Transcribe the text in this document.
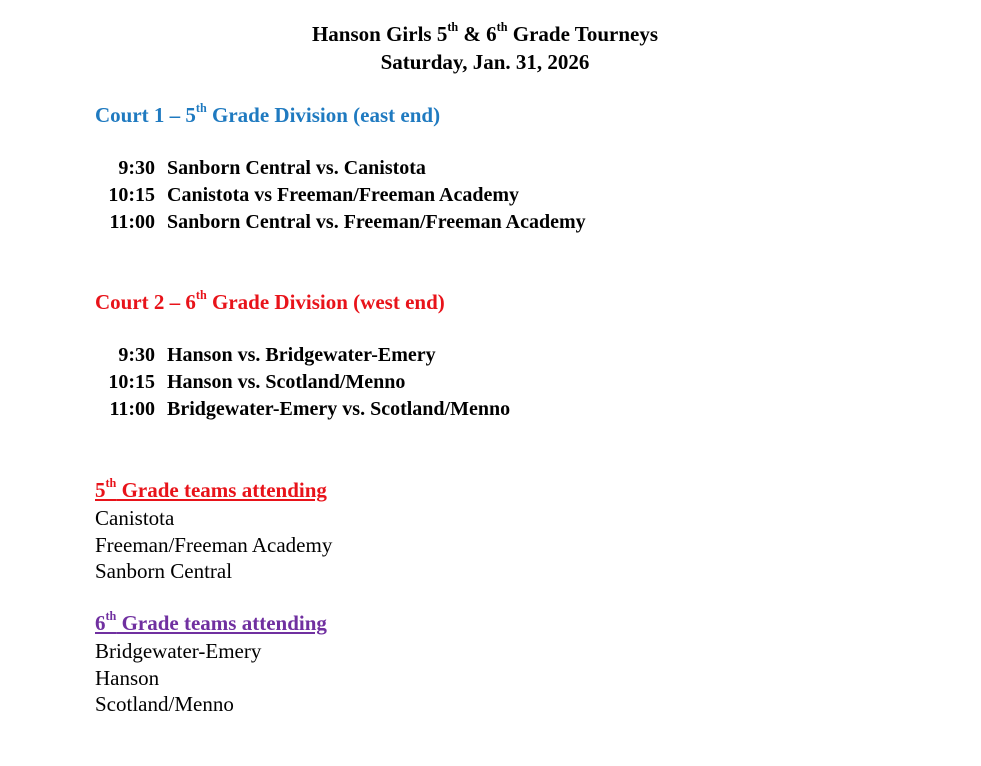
Hanson Girls 5th & 6th Grade Tourneys
Saturday, Jan. 31, 2026
Court 1 – 5th Grade Division (east end)
9:30 Sanborn Central vs. Canistota
10:15 Canistota vs Freeman/Freeman Academy
11:00 Sanborn Central vs. Freeman/Freeman Academy
Court 2 – 6th Grade Division (west end)
9:30 Hanson vs. Bridgewater-Emery
10:15 Hanson vs. Scotland/Menno
11:00 Bridgewater-Emery vs. Scotland/Menno
5th Grade teams attending
Canistota
Freeman/Freeman Academy
Sanborn Central
6th Grade teams attending
Bridgewater-Emery
Hanson
Scotland/Menno
